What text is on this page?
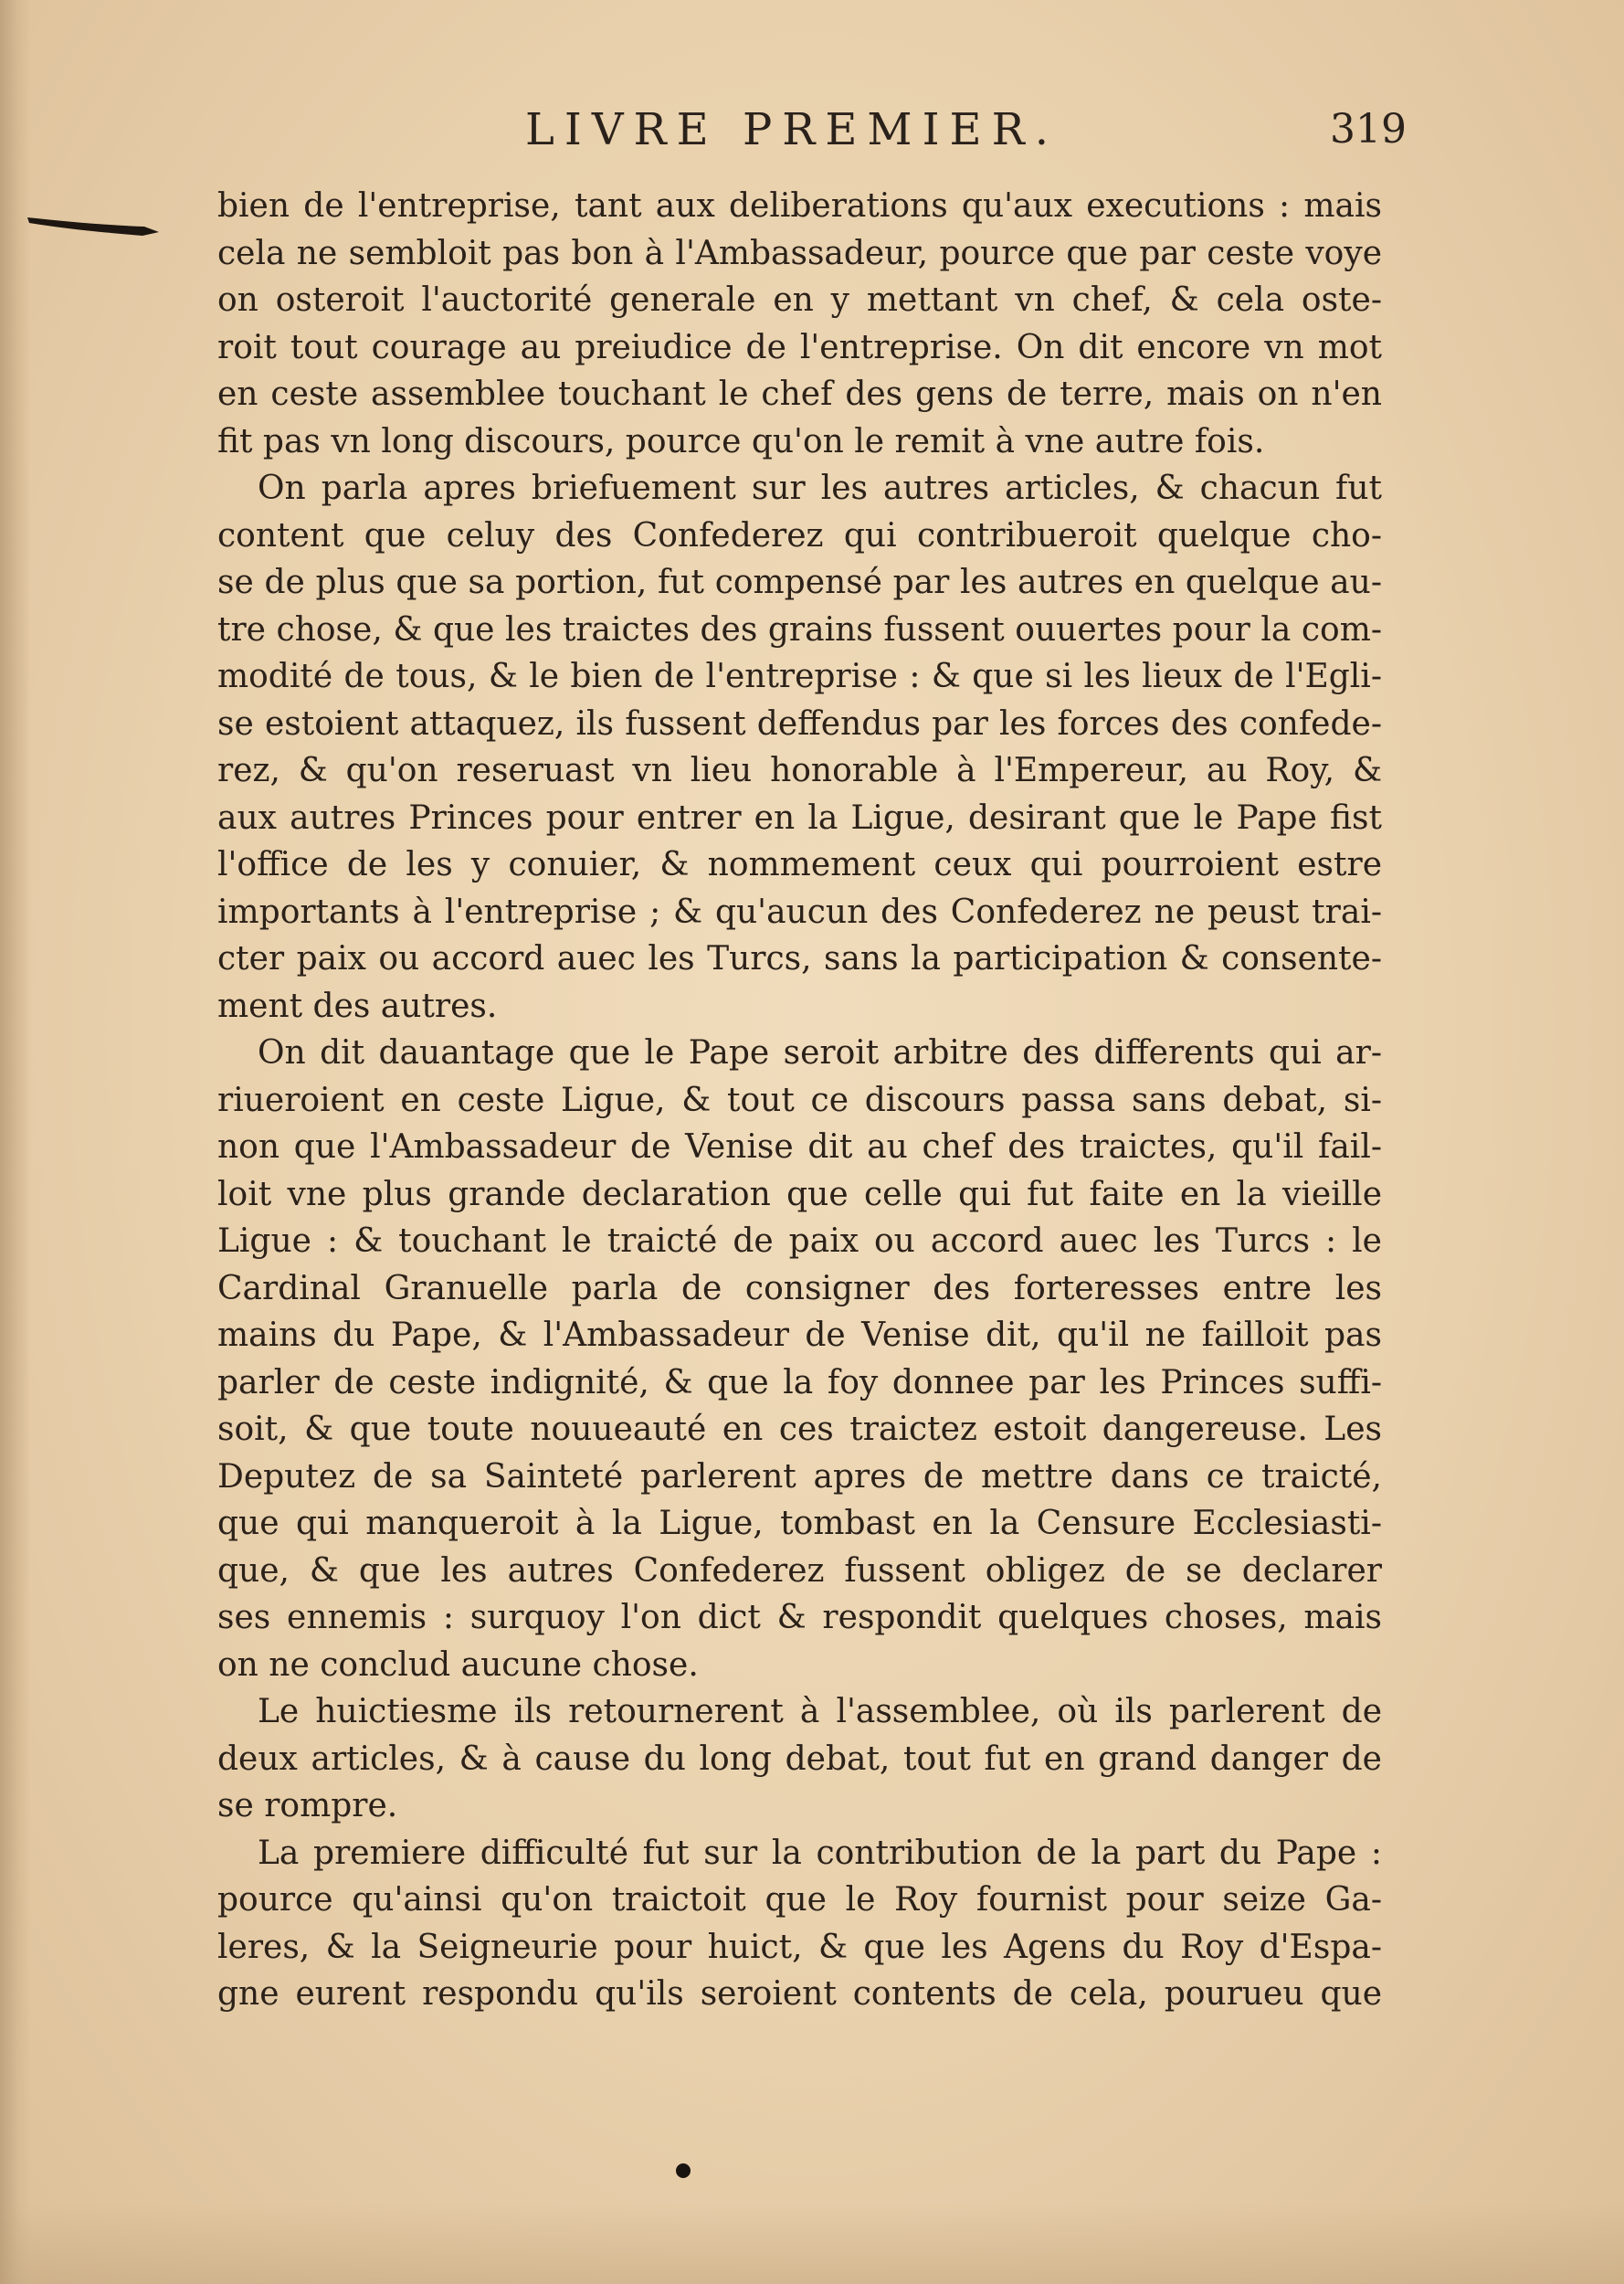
LIVRE PREMIER.	319
bien de l'entreprise, tant aux deliberations qu'aux executions : mais
cela ne sembloit pas bon à l'Ambassadeur, pource que par ceste voye
on osteroit l'auctorité generale en y mettant vn chef, & cela oste-
roit tout courage au preiudice de l'entreprise. On dit encore vn mot
en ceste assemblee touchant le chef des gens de terre, mais on n'en
fit pas vn long discours, pource qu'on le remit à vne autre fois.
On parla apres briefuement sur les autres articles, & chacun fut
content que celuy des Confederez qui contribueroit quelque cho-
se de plus que sa portion, fut compensé par les autres en quelque au-
tre chose, & que les traictes des grains fussent ouuertes pour la com-
modité de tous, & le bien de l'entreprise : & que si les lieux de l'Egli-
se estoient attaquez, ils fussent deffendus par les forces des confede-
rez, & qu'on reseruast vn lieu honorable à l'Empereur, au Roy, &
aux autres Princes pour entrer en la Ligue, desirant que le Pape fist
l'office de les y conuier, & nommement ceux qui pourroient estre
importants à l'entreprise ; & qu'aucun des Confederez ne peust trai-
cter paix ou accord auec les Turcs, sans la participation & consente-
ment des autres.
On dit dauantage que le Pape seroit arbitre des differents qui ar-
riueroient en ceste Ligue, & tout ce discours passa sans debat, si-
non que l'Ambassadeur de Venise dit au chef des traictes, qu'il fail-
loit vne plus grande declaration que celle qui fut faite en la vieille
Ligue : & touchant le traicté de paix ou accord auec les Turcs : le
Cardinal Granuelle parla de consigner des forteresses entre les
mains du Pape, & l'Ambassadeur de Venise dit, qu'il ne failloit pas
parler de ceste indignité, & que la foy donnee par les Princes suffi-
soit, & que toute nouueauté en ces traictez estoit dangereuse. Les
Deputez de sa Sainteté parlerent apres de mettre dans ce traicté,
que qui manqueroit à la Ligue, tombast en la Censure Ecclesiasti-
que, & que les autres Confederez fussent obligez de se declarer
ses ennemis : surquoy l'on dict & respondit quelques choses, mais
on ne conclud aucune chose.
Le huictiesme ils retournerent à l'assemblee, où ils parlerent de
deux articles, & à cause du long debat, tout fut en grand danger de
se rompre.
La premiere difficulté fut sur la contribution de la part du Pape :
pource qu'ainsi qu'on traictoit que le Roy fournist pour seize Ga-
leres, & la Seigneurie pour huict, & que les Agens du Roy d'Espa-
gne eurent respondu qu'ils seroient contents de cela, pourueu que
